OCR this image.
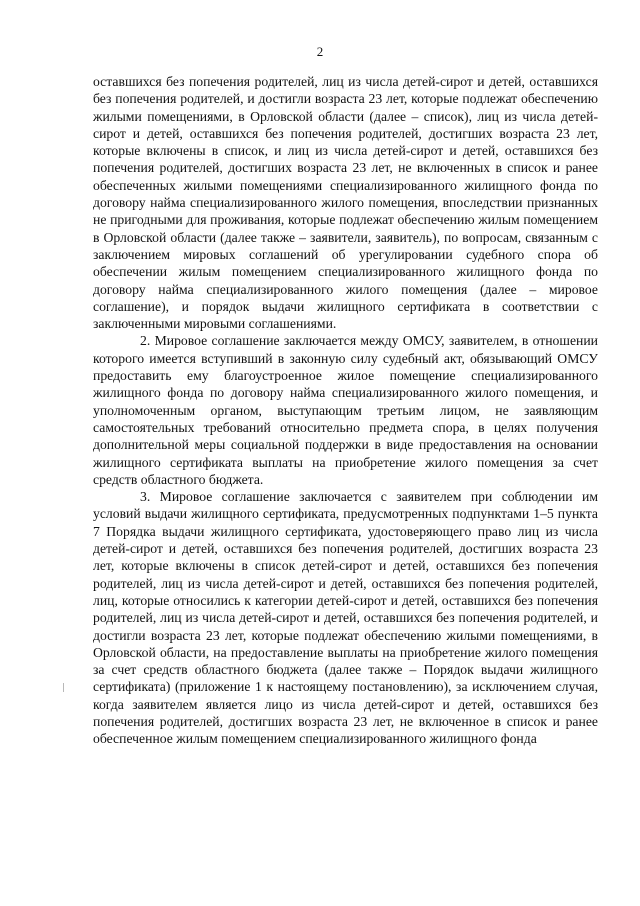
2

оставшихся без попечения родителей, лиц из числа детей-сирот и детей, оставшихся без попечения родителей, и достигли возраста 23 лет, которые подлежат обеспечению жилыми помещениями, в Орловской области (далее – список), лиц из числа детей-сирот и детей, оставшихся без попечения родителей, достигших возраста 23 лет, которые включены в список, и лиц из числа детей-сирот и детей, оставшихся без попечения родителей, достигших возраста 23 лет, не включенных в список и ранее обеспеченных жилыми помещениями специализированного жилищного фонда по договору найма специализированного жилого помещения, впоследствии признанных не пригодными для проживания, которые подлежат обеспечению жилым помещением в Орловской области (далее также – заявители, заявитель), по вопросам, связанным с заключением мировых соглашений об урегулировании судебного спора об обеспечении жилым помещением специализированного жилищного фонда по договору найма специализированного жилого помещения (далее – мировое соглашение), и порядок выдачи жилищного сертификата в соответствии с заключенными мировыми соглашениями.

2. Мировое соглашение заключается между ОМСУ, заявителем, в отношении которого имеется вступивший в законную силу судебный акт, обязывающий ОМСУ предоставить ему благоустроенное жилое помещение специализированного жилищного фонда по договору найма специализированного жилого помещения, и уполномоченным органом, выступающим третьим лицом, не заявляющим самостоятельных требований относительно предмета спора, в целях получения дополнительной меры социальной поддержки в виде предоставления на основании жилищного сертификата выплаты на приобретение жилого помещения за счет средств областного бюджета.

3. Мировое соглашение заключается с заявителем при соблюдении им условий выдачи жилищного сертификата, предусмотренных подпунктами 1–5 пункта 7 Порядка выдачи жилищного сертификата, удостоверяющего право лиц из числа детей-сирот и детей, оставшихся без попечения родителей, достигших возраста 23 лет, которые включены в список детей-сирот и детей, оставшихся без попечения родителей, лиц из числа детей-сирот и детей, оставшихся без попечения родителей, лиц, которые относились к категории детей-сирот и детей, оставшихся без попечения родителей, лиц из числа детей-сирот и детей, оставшихся без попечения родителей, и достигли возраста 23 лет, которые подлежат обеспечению жилыми помещениями, в Орловской области, на предоставление выплаты на приобретение жилого помещения за счет средств областного бюджета (далее также – Порядок выдачи жилищного сертификата) (приложение 1 к настоящему постановлению), за исключением случая, когда заявителем является лицо из числа детей-сирот и детей, оставшихся без попечения родителей, достигших возраста 23 лет, не включенное в список и ранее обеспеченное жилым помещением специализированного жилищного фонда
